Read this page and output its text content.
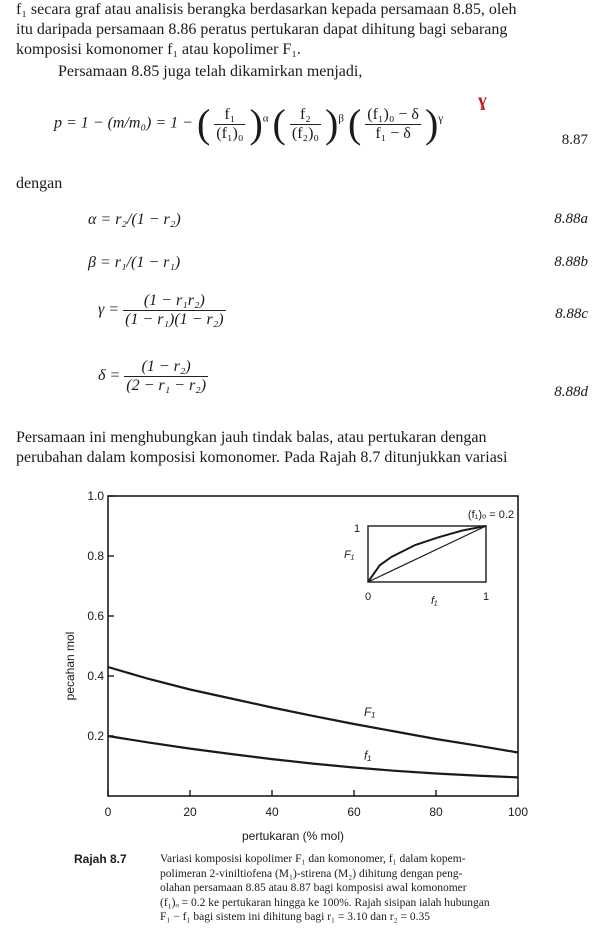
f₁ secara graf atau analisis berangka berdasarkan kepada persamaan 8.85, oleh
itu daripada persamaan 8.86 peratus pertukaran dapat dihitung bagi sebarang
komposisi komonomer f₁ atau kopolimer F₁.
Persamaan 8.85 juga telah dikamirkan menjadi,
p = 1 − (m/m₀) = 1 − ( $\frac{\text{f₁}}{\text{(f₁)₀}} )^\alpha$ ( $\frac{\text{f₂}}{\text{(f₂)₀}} )^\beta$ ( $\frac{\text{(f₁)₀ − δ}}{\text{f₁ − δ}} )^\gamma$
ɣ
8.87
dengan
α = r₂/(1 − r₂)	8.88a
β = r₁/(1 − r₁)	8.88b
$\gamma = \frac{\text{(1 − r₁r₂)}}{\text{(1 − r₁)(1 − r₂)}}$	8.88c
$\delta = \frac{\text{(1 − r₂)}}{\text{(2 − r₁ − r₂)}}$	8.88d
Persamaan ini menghubungkan jauh tindak balas, atau pertukaran dengan
perubahan dalam komposisi komonomer. Pada Rajah 8.7 ditunjukkan variasi
0	20	40	60	80	100
0.2
0.4
0.6
0.8
1.0
pertukaran (% mol)
pecahan mol
F₁
f₁
(f₁)ₒ = 0.2
F₁
f₁
1
0	1
Rajah 8.7	Variasi komposisi kopolimer F₁ dan komonomer, f₁ dalam kopem-
polimeran 2-viniltiofena (M₁)-stirena (M₂) dihitung dengan peng-
olahan persamaan 8.85 atau 8.87 bagi komposisi awal komonomer
(f₁)ₒ = 0.2 ke pertukaran hingga ke 100%. Rajah sisipan ialah hubungan
F₁ − f₁ bagi sistem ini dihitung bagi r₁ = 3.10 dan r₂ = 0.35
